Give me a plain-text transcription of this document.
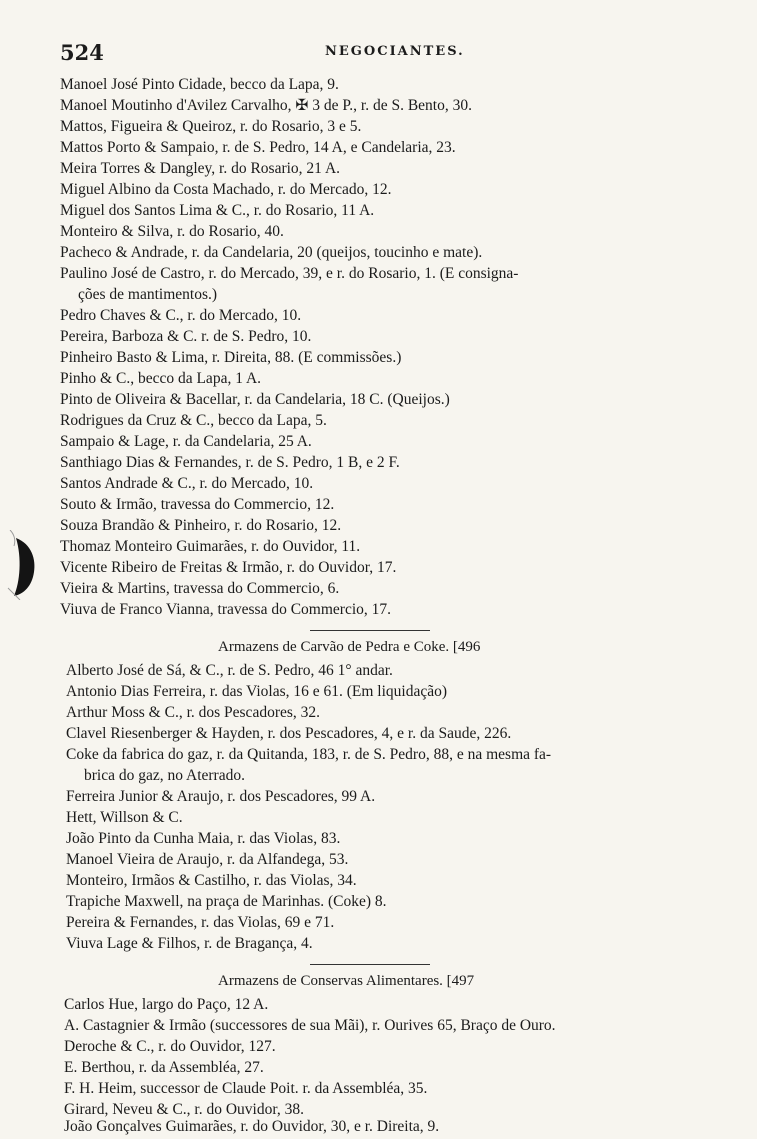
524	NEGOCIANTES.
Manoel José Pinto Cidade, becco da Lapa, 9.
Manoel Moutinho d'Avilez Carvalho, ✠ 3 de P., r. de S. Bento, 30.
Mattos, Figueira & Queiroz, r. do Rosario, 3 e 5.
Mattos Porto & Sampaio, r. de S. Pedro, 14 A, e Candelaria, 23.
Meira Torres & Dangley, r. do Rosario, 21 A.
Miguel Albino da Costa Machado, r. do Mercado, 12.
Miguel dos Santos Lima & C., r. do Rosario, 11 A.
Monteiro & Silva, r. do Rosario, 40.
Pacheco & Andrade, r. da Candelaria, 20 (queijos, toucinho e mate).
Paulino José de Castro, r. do Mercado, 39, e r. do Rosario, 1. (E consigna-
ções de mantimentos.)
Pedro Chaves & C., r. do Mercado, 10.
Pereira, Barboza & C. r. de S. Pedro, 10.
Pinheiro Basto & Lima, r. Direita, 88. (E commissões.)
Pinho & C., becco da Lapa, 1 A.
Pinto de Oliveira & Bacellar, r. da Candelaria, 18 C. (Queijos.)
Rodrigues da Cruz & C., becco da Lapa, 5.
Sampaio & Lage, r. da Candelaria, 25 A.
Santhiago Dias & Fernandes, r. de S. Pedro, 1 B, e 2 F.
Santos Andrade & C., r. do Mercado, 10.
Souto & Irmão, travessa do Commercio, 12.
Souza Brandão & Pinheiro, r. do Rosario, 12.
Thomaz Monteiro Guimarães, r. do Ouvidor, 11.
Vicente Ribeiro de Freitas & Irmão, r. do Ouvidor, 17.
Vieira & Martins, travessa do Commercio, 6.
Viuva de Franco Vianna, travessa do Commercio, 17.
Armazens de Carvão de Pedra e Coke. [496
Alberto José de Sá, & C., r. de S. Pedro, 46 1° andar.
Antonio Dias Ferreira, r. das Violas, 16 e 61. (Em liquidação)
Arthur Moss & C., r. dos Pescadores, 32.
Clavel Riesenberger & Hayden, r. dos Pescadores, 4, e r. da Saude, 226.
Coke da fabrica do gaz, r. da Quitanda, 183, r. de S. Pedro, 88, e na mesma fa-
brica do gaz, no Aterrado.
Ferreira Junior & Araujo, r. dos Pescadores, 99 A.
Hett, Willson & C.
João Pinto da Cunha Maia, r. das Violas, 83.
Manoel Vieira de Araujo, r. da Alfandega, 53.
Monteiro, Irmãos & Castilho, r. das Violas, 34.
Trapiche Maxwell, na praça de Marinhas. (Coke) 8.
Pereira & Fernandes, r. das Violas, 69 e 71.
Viuva Lage & Filhos, r. de Bragança, 4.
Armazens de Conservas Alimentares. [497
Carlos Hue, largo do Paço, 12 A.
A. Castagnier & Irmão (successores de sua Mãi), r. Ourives 65, Braço de Ouro.
Deroche & C., r. do Ouvidor, 127.
E. Berthou, r. da Assembléa, 27.
F. H. Heim, successor de Claude Poit. r. da Assembléa, 35.
Girard, Neveu & C., r. do Ouvidor, 38.
João Gonçalves Guimarães, r. do Ouvidor, 30, e r. Direita, 9.
